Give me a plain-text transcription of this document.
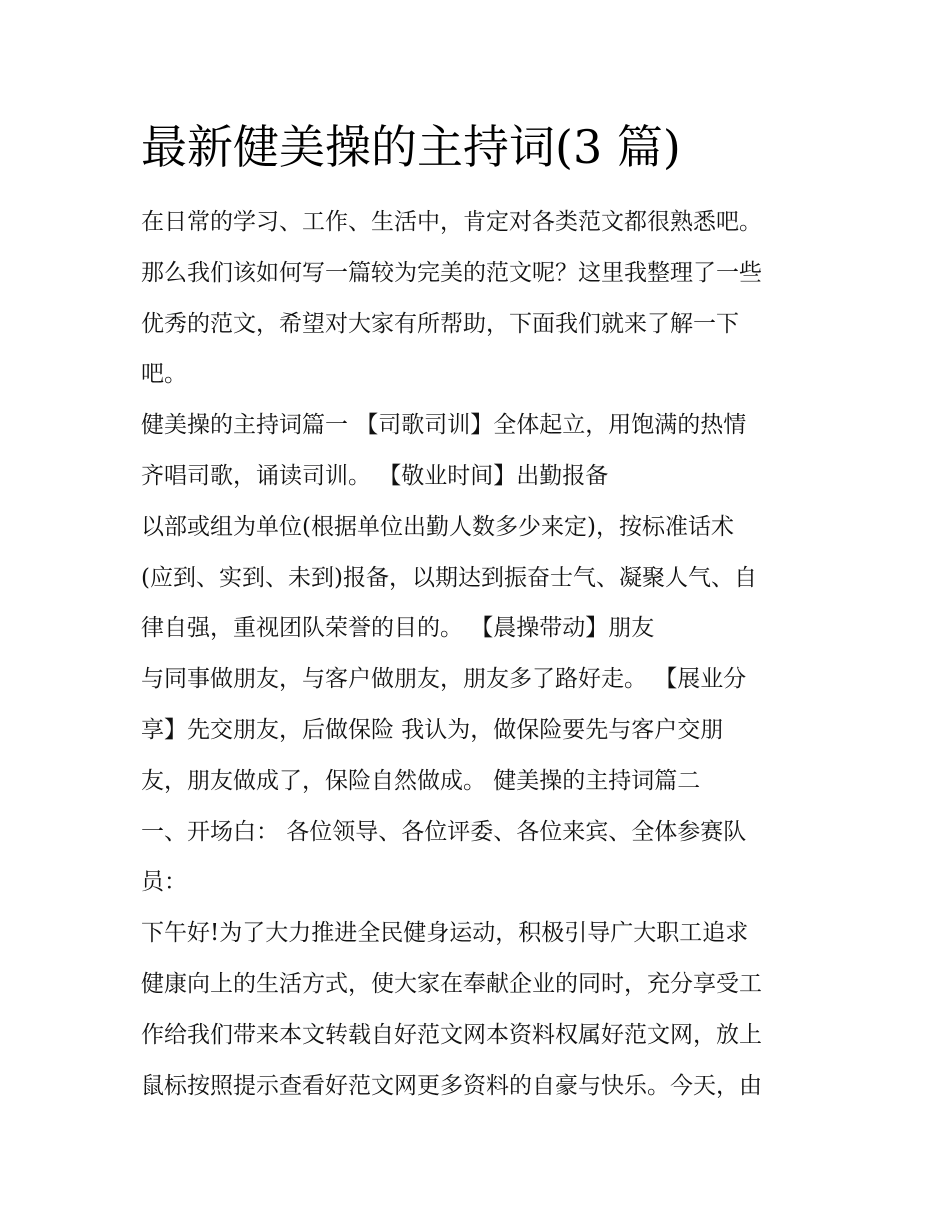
最新健美操的主持词(3 篇)
在日常的学习、工作、生活中，肯定对各类范文都很熟悉吧。
那么我们该如何写一篇较为完美的范文呢？这里我整理了一些
优秀的范文，希望对大家有所帮助，下面我们就来了解一下
吧。
健美操的主持词篇一 【司歌司训】全体起立，用饱满的热情
齐唱司歌，诵读司训。 【敬业时间】出勤报备
以部或组为单位(根据单位出勤人数多少来定)，按标准话术
(应到、实到、未到)报备，以期达到振奋士气、凝聚人气、自
律自强，重视团队荣誉的目的。 【晨操带动】朋友
与同事做朋友，与客户做朋友，朋友多了路好走。 【展业分
享】先交朋友，后做保险 我认为，做保险要先与客户交朋
友，朋友做成了，保险自然做成。 健美操的主持词篇二
一、开场白： 各位领导、各位评委、各位来宾、全体参赛队
员：
下午好!为了大力推进全民健身运动，积极引导广大职工追求
健康向上的生活方式，使大家在奉献企业的同时，充分享受工
作给我们带来本文转载自好范文网本资料权属好范文网，放上
鼠标按照提示查看好范文网更多资料的自豪与快乐。今天，由
